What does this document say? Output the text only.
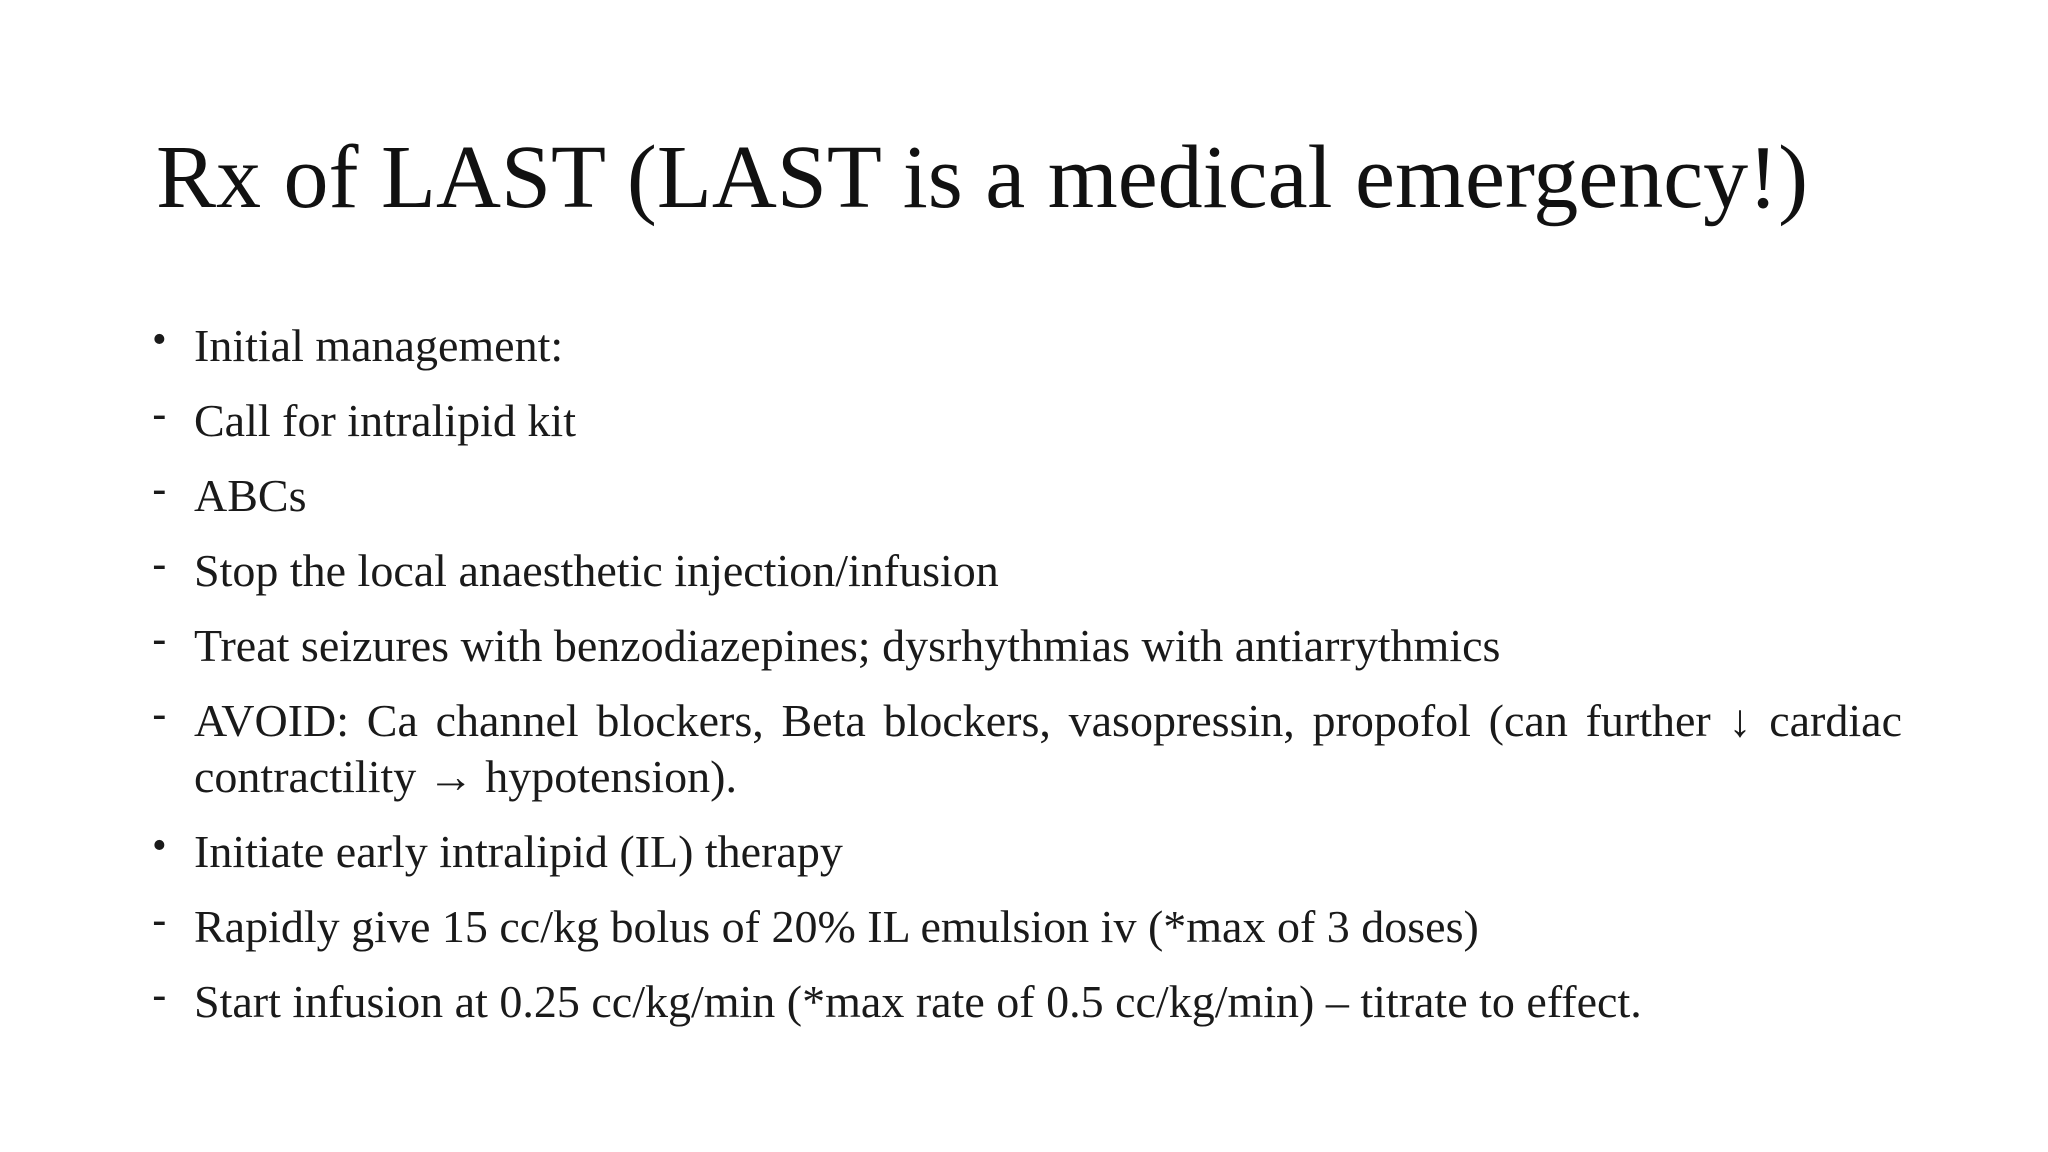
Rx of LAST (LAST is a medical emergency!)
• Initial management:
- Call for intralipid kit
- ABCs
- Stop the local anaesthetic injection/infusion
- Treat seizures with benzodiazepines; dysrhythmias with antiarrythmics
- AVOID: Ca channel blockers, Beta blockers, vasopressin, propofol (can further ↓ cardiac contractility → hypotension).
• Initiate early intralipid (IL) therapy
- Rapidly give 15 cc/kg bolus of 20% IL emulsion iv (*max of 3 doses)
- Start infusion at 0.25 cc/kg/min (*max rate of 0.5 cc/kg/min) – titrate to effect.
